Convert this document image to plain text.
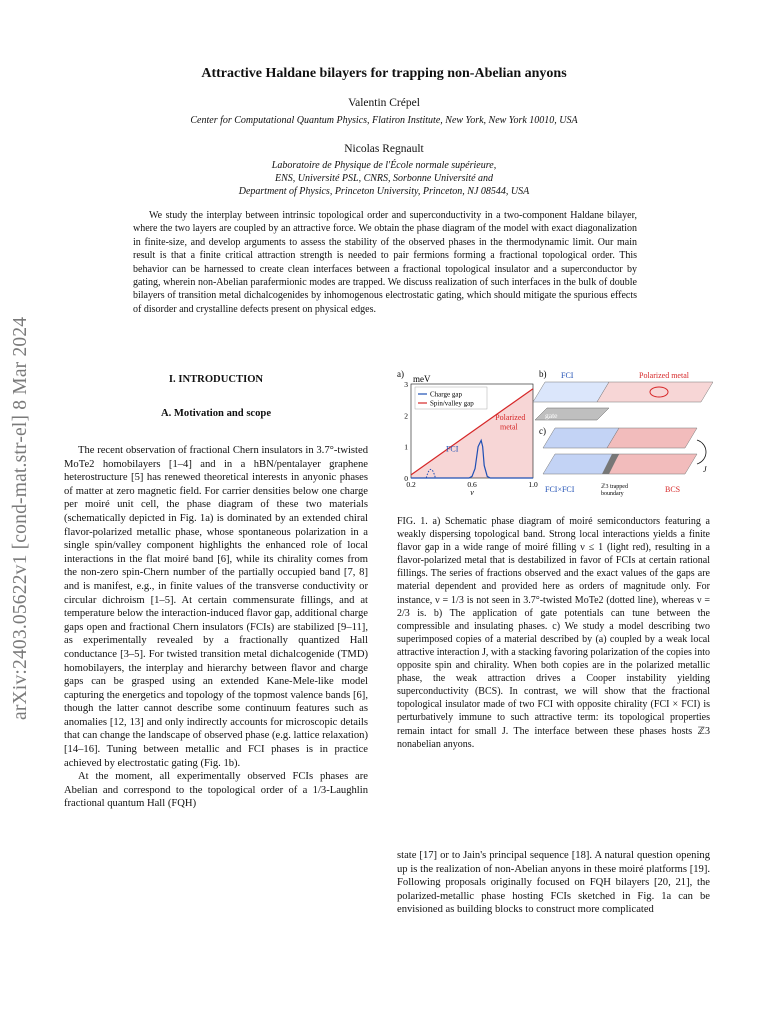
arXiv:2403.05622v1 [cond-mat.str-el] 8 Mar 2024
Attractive Haldane bilayers for trapping non-Abelian anyons
Valentin Crépel
Center for Computational Quantum Physics, Flatiron Institute, New York, New York 10010, USA
Nicolas Regnault
Laboratoire de Physique de l'École normale supérieure,
ENS, Université PSL, CNRS, Sorbonne Université and
Department of Physics, Princeton University, Princeton, NJ 08544, USA
We study the interplay between intrinsic topological order and superconductivity in a two-component Haldane bilayer, where the two layers are coupled by an attractive force. We obtain the phase diagram of the model with exact diagonalization in finite-size, and develop arguments to assess the stability of the observed phases in the thermodynamic limit. Our main result is that a finite critical attraction strength is needed to pair fermions forming a fractional topological order. This behavior can be harnessed to create clean interfaces between a fractional topological insulator and a superconductor by gating, wherein non-Abelian parafermionic modes are trapped. We discuss realization of such interfaces in the bulk of double bilayers of transition metal dichalcogenides by inhomogenous electrostatic gating, which should mitigate the spurious effects of disorder and crystalline defects present on physical edges.
I. INTRODUCTION
A. Motivation and scope

The recent observation of fractional Chern insulators in 3.7°-twisted MoTe2 homobilayers [1–4] and in a hBN/pentalayer graphene heterostructure [5] has renewed theoretical interests in anyonic phases of matter at zero magnetic field. For carrier densities below one charge per moiré unit cell, the phase diagram of these two materials (schematically depicted in Fig. 1a) is dominated by an extended chiral flavor-polarized metallic phase, whose spontaneous polarization in a single spin/valley component highlights the enhanced role of local interactions in the flat moiré band [6], while its chirality comes from the non-zero spin-Chern number of the partially occupied band [7, 8] and is manifest, e.g., in finite values of the transverse conductivity or circular dichroism [1–5]. At certain commensurate fillings, and at temperature below the interaction-induced flavor gap, additional charge gaps open and fractional Chern insulators (FCIs) are stabilized [9–11], as experimentally revealed by a fractionally quantized Hall conductance [3–5]. For twisted transition metal dichalcogenide (TMD) homobilayers, the interplay and hierarchy between flavor and charge gaps can be grasped using an extended Kane-Mele-like model capturing the energetics and topology of the topmost valence bands [6], though the latter cannot describe some continuum features such as anomalies [12, 13] and only indirectly accounts for microscopic details that can change the landscape of observed phase (e.g. lattice relaxation) [14–16]. Tuning between metallic and FCI phases is in practice achieved by electrostatic gating (Fig. 1b).

At the moment, all experimentally observed FCIs phases are Abelian and correspond to the topological order of a 1/3-Laughlin fractional quantum Hall (FQH)

state [17] or to Jain's principal sequence [18]. A natural question opening up is the realization of non-Abelian anyons in these moiré platforms [19]. Following proposals originally focused on FQH bilayers [20, 21], the polarized-metallic phase hosting FCIs sketched in Fig. 1a can be envisioned as building blocks to construct more complicated

a) meV
0
1
2
3
0.2	0.6	1.0
ν
Charge gap
Spin/valley gap
Polarized
metal
FCI
b) FCI	Polarized metal
gate
c)
J
FCI×FCI	ℤ3 trapped
boundary	BCS
FIG. 1. a) Schematic phase diagram of moiré semiconductors featuring a weakly dispersing topological band. Strong local interactions yields a finite flavor gap in a wide range of moiré filling ν ≤ 1 (light red), resulting in a flavor-polarized metal that is destabilized in favor of FCIs at certain rational fillings. The series of fractions observed and the exact values of the gaps are material dependent and provided here as orders of magnitude only. For instance, ν = 1/3 is not seen in 3.7°-twisted MoTe2 (dotted line), whereas ν = 2/3 is. b) The application of gate potentials can tune between the compressible and insulating phases. c) We study a model describing two superimposed copies of a material described by (a) coupled by a weak local attractive interaction J, with a stacking favoring polarization of the copies into opposite spin and chirality. When both copies are in the polarized metallic phase, the weak attraction drives a Cooper instability yielding superconductivity (BCS). In contrast, we will show that the fractional topological insulator made of two FCI with opposite chirality (FCI × FCI) is perturbatively immune to such attractive term: its topological properties remain intact for small J. The interface between these phases hosts ℤ3 nonabelian anyons.
